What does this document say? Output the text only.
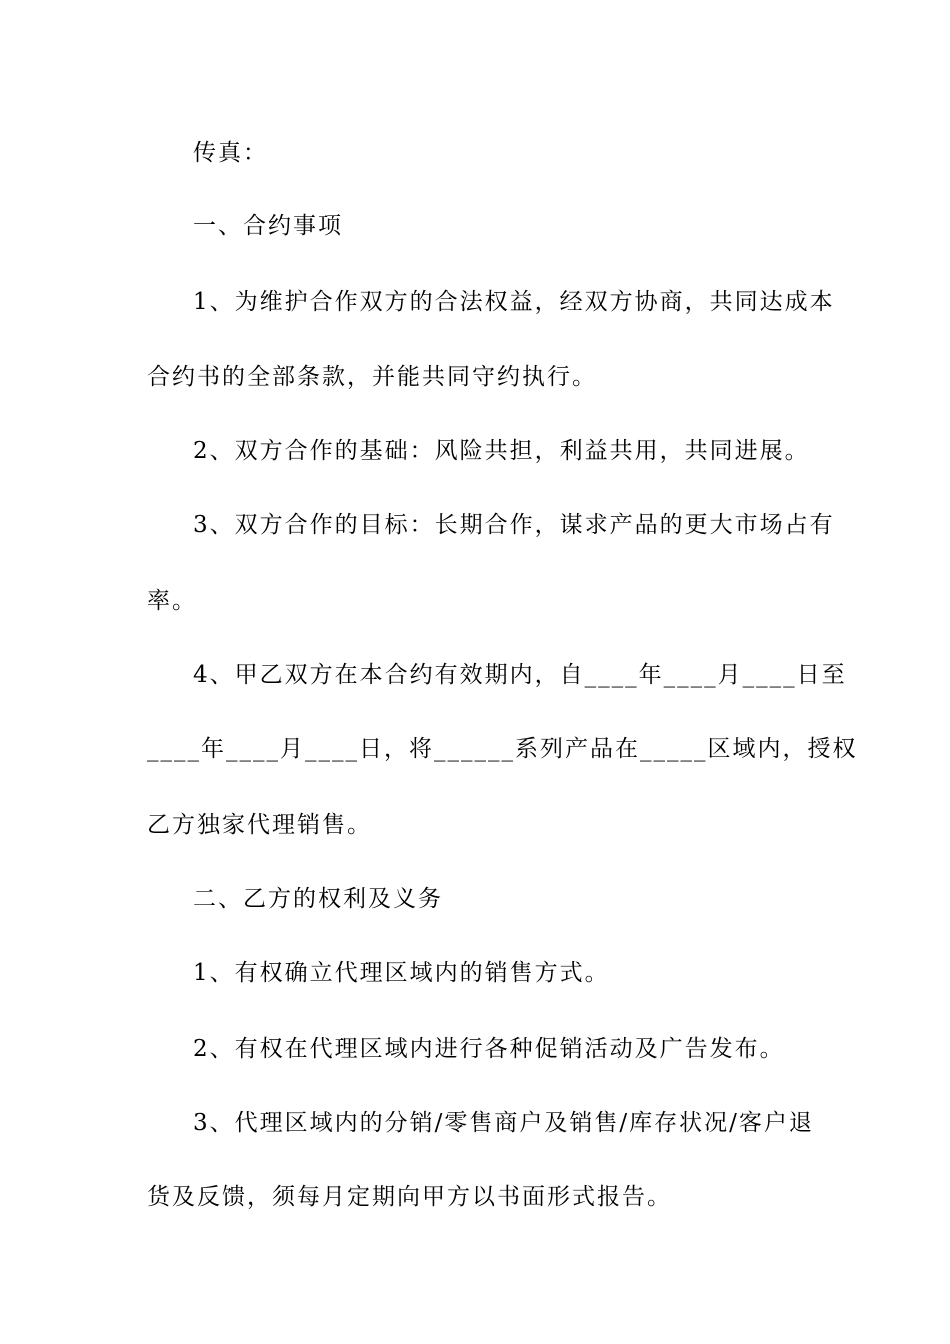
传真：
一、合约事项
1、为维护合作双方的合法权益，经双方协商，共同达成本
合约书的全部条款，并能共同守约执行。
2、双方合作的基础：风险共担，利益共用，共同进展。
3、双方合作的目标：长期合作，谋求产品的更大市场占有
率。
4、甲乙双方在本合约有效期内，自____年____月____日至
____年____月____日，将______系列产品在_____区域内，授权
乙方独家代理销售。
二、乙方的权利及义务
1、有权确立代理区域内的销售方式。
2、有权在代理区域内进行各种促销活动及广告发布。
3、代理区域内的分销/零售商户及销售/库存状况/客户退
货及反馈，须每月定期向甲方以书面形式报告。
